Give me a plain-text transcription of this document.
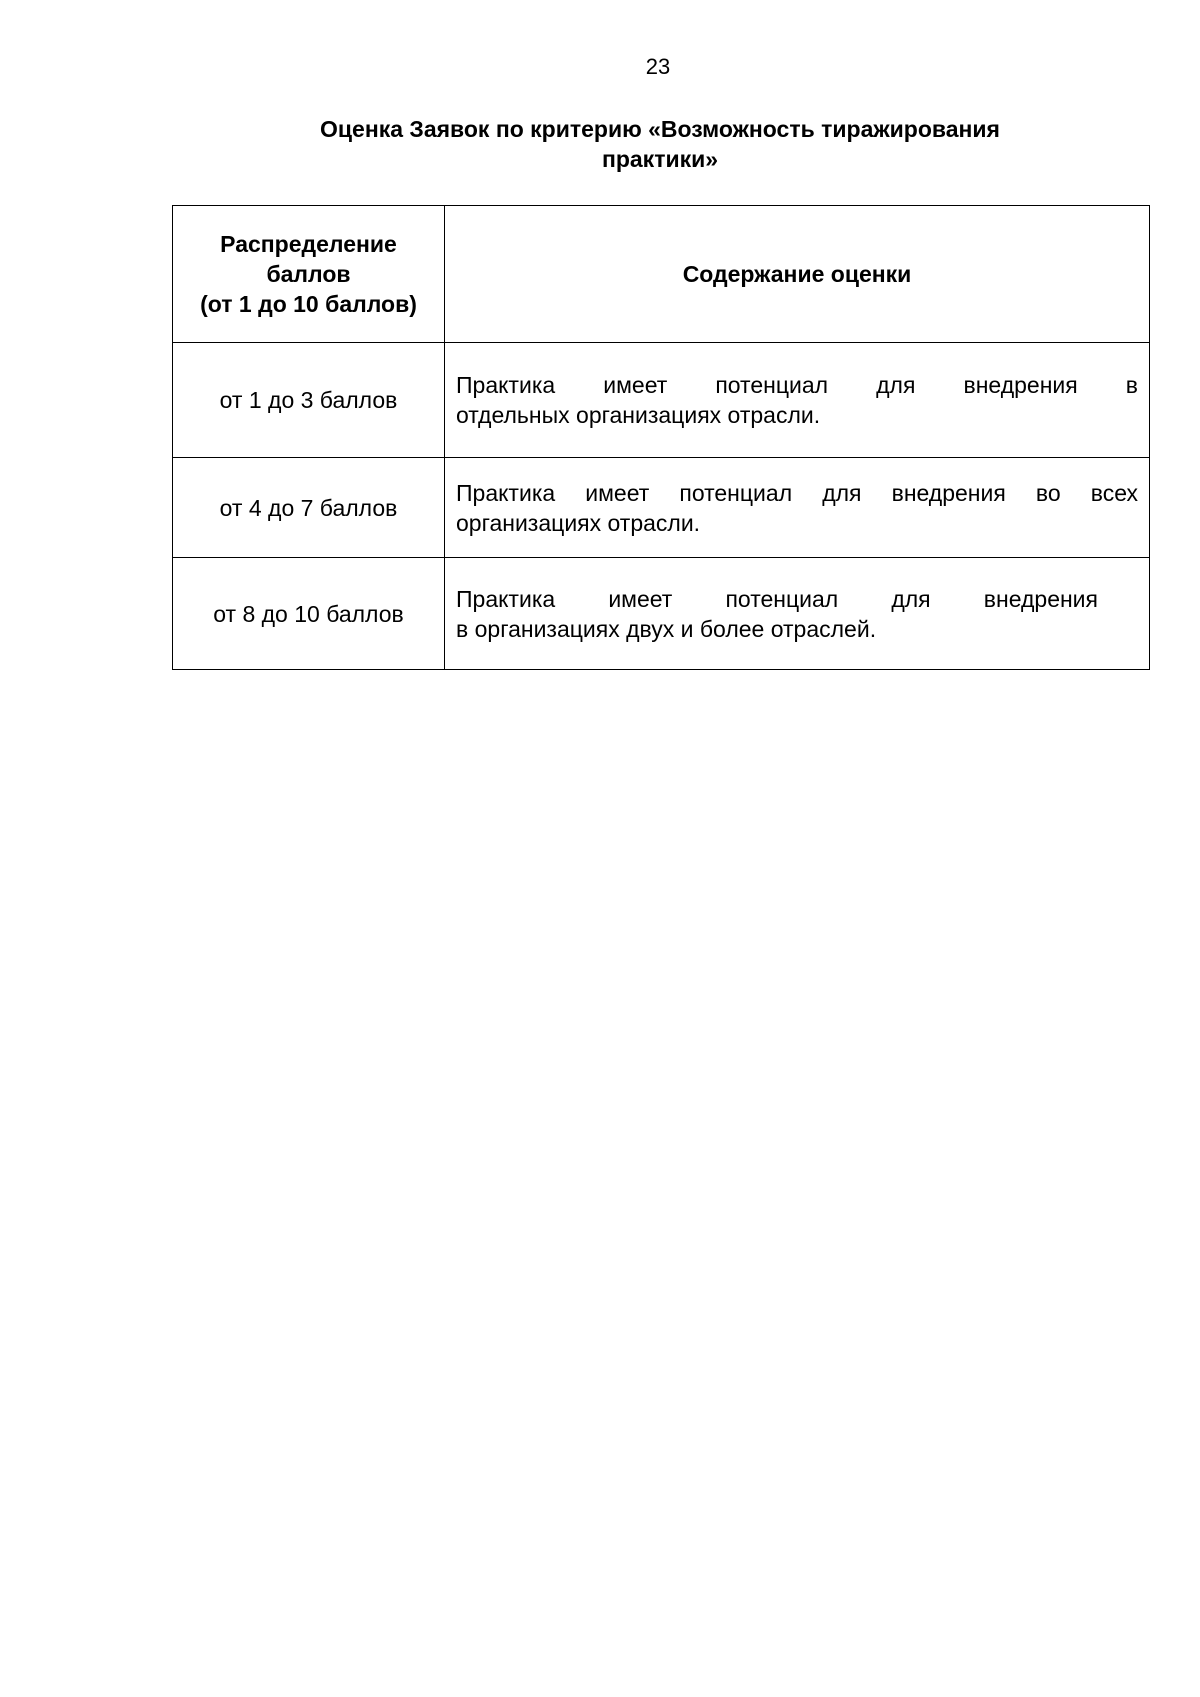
23
Оценка Заявок по критерию «Возможность тиражирования
практики»
Распределение
баллов
(от 1 до 10 баллов)	Содержание оценки

от 1 до 3 баллов	Практика имеет потенциал для внедрения в
отдельных организациях отрасли.

от 4 до 7 баллов	Практика имеет потенциал для внедрения во всех
организациях отрасли.

от 8 до 10 баллов	Практика имеет потенциал для внедрения
в организациях двух и более отраслей.
